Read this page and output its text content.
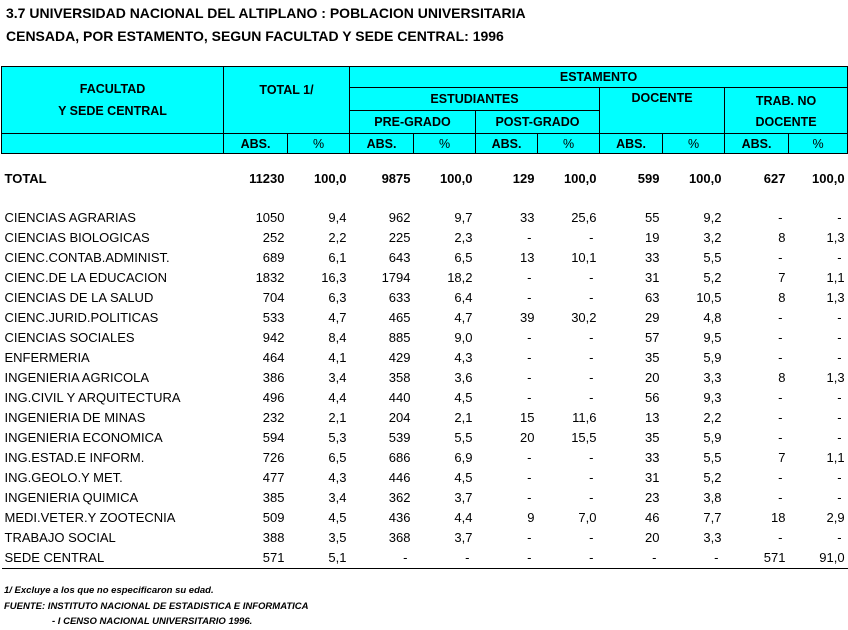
3.7 UNIVERSIDAD NACIONAL DEL ALTIPLANO : POBLACION UNIVERSITARIA
CENSADA, POR ESTAMENTO, SEGUN FACULTAD Y SEDE CENTRAL: 1996
FACULTAD
Y SEDE CENTRAL	TOTAL 1/		ESTAMENTO							
			ESTUDIANTES				DOCENTE		TRAB. NO
DOCENTE	
			PRE-GRADO		POST-GRADO					
	ABS.	%	ABS.	%	ABS.	%	ABS.	%	ABS.	%

TOTAL	11230	100,0	9875	100,0	129	100,0	599	100,0	627	100,0

CIENCIAS AGRARIAS	1050	9,4	962	9,7	33	25,6	55	9,2	-	-
CIENCIAS BIOLOGICAS	252	2,2	225	2,3	-	-	19	3,2	8	1,3
CIENC.CONTAB.ADMINIST.	689	6,1	643	6,5	13	10,1	33	5,5	-	-
CIENC.DE LA EDUCACION	1832	16,3	1794	18,2	-	-	31	5,2	7	1,1
CIENCIAS DE LA SALUD	704	6,3	633	6,4	-	-	63	10,5	8	1,3
CIENC.JURID.POLITICAS	533	4,7	465	4,7	39	30,2	29	4,8	-	-
CIENCIAS SOCIALES	942	8,4	885	9,0	-	-	57	9,5	-	-
ENFERMERIA	464	4,1	429	4,3	-	-	35	5,9	-	-
INGENIERIA AGRICOLA	386	3,4	358	3,6	-	-	20	3,3	8	1,3
ING.CIVIL Y ARQUITECTURA	496	4,4	440	4,5	-	-	56	9,3	-	-
INGENIERIA DE MINAS	232	2,1	204	2,1	15	11,6	13	2,2	-	-
INGENIERIA ECONOMICA	594	5,3	539	5,5	20	15,5	35	5,9	-	-
ING.ESTAD.E INFORM.	726	6,5	686	6,9	-	-	33	5,5	7	1,1
ING.GEOLO.Y MET.	477	4,3	446	4,5	-	-	31	5,2	-	-
INGENIERIA QUIMICA	385	3,4	362	3,7	-	-	23	3,8	-	-
MEDI.VETER.Y ZOOTECNIA	509	4,5	436	4,4	9	7,0	46	7,7	18	2,9
TRABAJO SOCIAL	388	3,5	368	3,7	-	-	20	3,3	-	-
SEDE CENTRAL	571	5,1	-	-	-	-	-	-	571	91,0
1/ Excluye a los que no especificaron su edad.
FUENTE: INSTITUTO NACIONAL DE ESTADISTICA E INFORMATICA
- I CENSO NACIONAL UNIVERSITARIO 1996.
